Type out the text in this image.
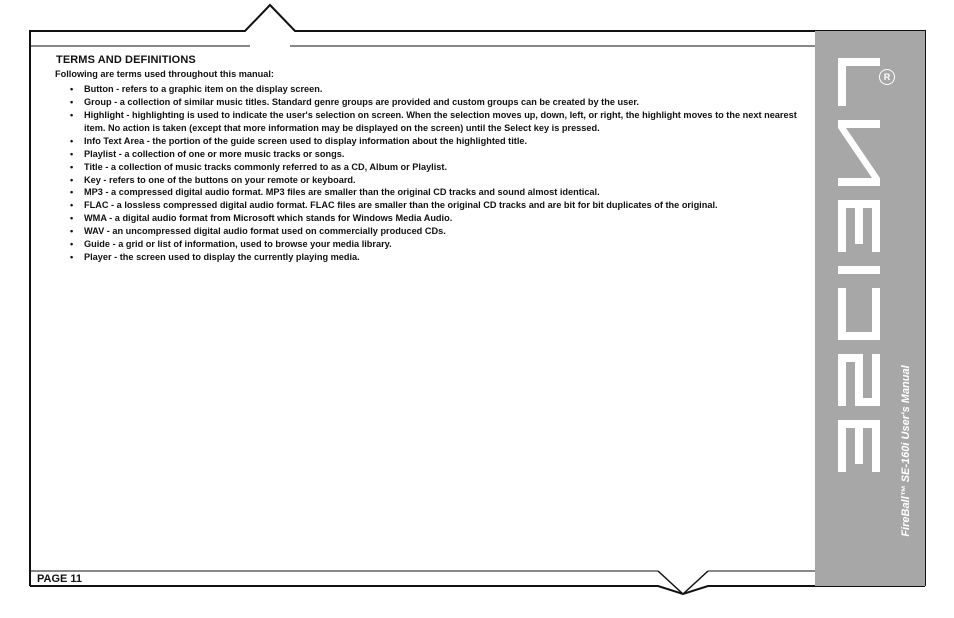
R
FireBall™ SE-160i User's Manual
TERMS AND DEFINITIONS
Following are terms used throughout this manual:
• Button - refers to a graphic item on the display screen.
• Group - a collection of similar music titles. Standard genre groups are provided and custom groups can be created by the user.
• Highlight - highlighting is used to indicate the user's selection on screen. When the selection moves up, down, left, or right, the highlight moves to the next nearest item. No action is taken (except that more information may be displayed on the screen) until the Select key is pressed.
• Info Text Area - the portion of the guide screen used to display information about the highlighted title.
• Playlist - a collection of one or more music tracks or songs.
• Title - a collection of music tracks commonly referred to as a CD, Album or Playlist.
• Key - refers to one of the buttons on your remote or keyboard.
• MP3 - a compressed digital audio format. MP3 files are smaller than the original CD tracks and sound almost identical.
• FLAC - a lossless compressed digital audio format. FLAC files are smaller than the original CD tracks and are bit for bit duplicates of the original.
• WMA - a digital audio format from Microsoft which stands for Windows Media Audio.
• WAV - an uncompressed digital audio format used on commercially produced CDs.
• Guide - a grid or list of information, used to browse your media library.
• Player - the screen used to display the currently playing media.
PAGE 11
